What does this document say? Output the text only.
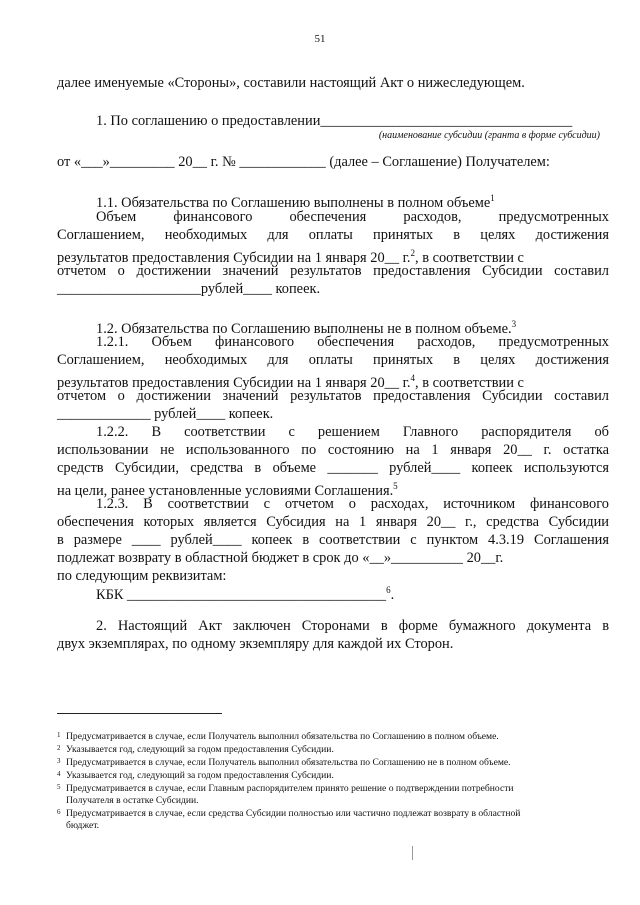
51
далее именуемые «Стороны», составили настоящий Акт о нижеследующем.
1. По соглашению о предоставлении___________________________________
(наименование субсидии (гранта в форме субсидии)
от «___»_________ 20__ г. № ____________ (далее – Соглашение) Получателем:
1.1. Обязательства по Соглашению выполнены в полном объеме$^1$
Объем финансового обеспечения расходов, предусмотренных
Соглашением, необходимых для оплаты принятых в целях достижения
результатов предоставления Субсидии на 1 января 20__ г.$^2$, в соответствии с
отчетом о достижении значений результатов предоставления Субсидии составил
____________________рублей____ копеек.
1.2. Обязательства по Соглашению выполнены не в полном объеме.$^3$
1.2.1. Объем финансового обеспечения расходов, предусмотренных
Соглашением, необходимых для оплаты принятых в целях достижения
результатов предоставления Субсидии на 1 января 20__ г.$^4$, в соответствии с
отчетом о достижении значений результатов предоставления Субсидии составил
_____________ рублей____ копеек.
1.2.2. В соответствии с решением Главного распорядителя об
использовании не использованного по состоянию на 1 января 20__ г. остатка
средств Субсидии, средства в объеме _______ рублей____ копеек используются
на цели, ранее установленные условиями Соглашения.$^5$
1.2.3. В соответствии с отчетом о расходах, источником финансового
обеспечения которых является Субсидия на 1 января 20__ г., средства Субсидии
в размере ____ рублей____ копеек в соответствии с пунктом 4.3.19 Соглашения
подлежат возврату в областной бюджет в срок до «__»__________ 20__г.
по следующим реквизитам:
КБК ____________________________________$^6$.
2. Настоящий Акт заключен Сторонами в форме бумажного документа в
двух экземплярах, по одному экземпляру для каждой их Сторон.
1 Предусматривается в случае, если Получатель выполнил обязательства по Соглашению в полном объеме.
2 Указывается год, следующий за годом предоставления Субсидии.
3 Предусматривается в случае, если Получатель выполнил обязательства по Соглашению не в полном объеме.
4 Указывается год, следующий за годом предоставления Субсидии.
5 Предусматривается в случае, если Главным распорядителем принято решение о подтверждении потребности
Получателя в остатке Субсидии.
6 Предусматривается в случае, если средства Субсидии полностью или частично подлежат возврату в областной
бюджет.
